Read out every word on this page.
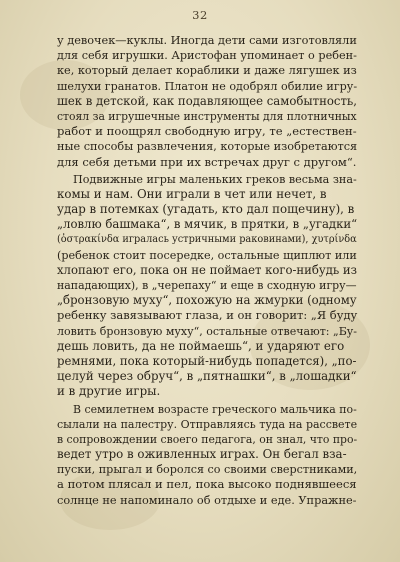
32
у девочек—куклы. Иногда дети сами изготовляли
для себя игрушки. Аристофан упоминает о ребен-
ке, который делает кораблики и даже лягушек из
шелухи гранатов. Платон не одобрял обилие игру-
шек в детской, как подавляющее самобытность,
стоял за игрушечные инструменты для плотничных
работ и поощрял свободную игру, те „естествен-
ные способы развлечения, которые изобретаются
для себя детьми при их встречах друг с другом“.
Подвижные игры маленьких греков весьма зна-
комы и нам. Они играли в чет или нечет, в
удар в потемках (угадать, кто дал пощечину), в
„ловлю башмака“, в мячик, в прятки, в „угадки“
(ὀστρακίνδα игралась устричными раковинами), χυτρίνδα
(ребенок стоит посередке, остальные щиплют или
хлопают его, пока он не поймает кого-нибудь из
нападающих), в „черепаху“ и еще в сходную игру—
„бронзовую муху“, похожую на жмурки (одному
ребенку завязывают глаза, и он говорит: „Я буду
ловить бронзовую муху“, остальные отвечают: „Бу-
дешь ловить, да не поймаешь“, и ударяют его
ремнями, пока который-нибудь попадется), „по-
целуй через обруч“, в „пятнашки“, в „лошадки“
и в другие игры.
В семилетнем возрасте греческого мальчика по-
сылали на палестру. Отправляясь туда на рассвете
в сопровождении своего педагога, он знал, что про-
ведет утро в оживленных играх. Он бегал вза-
пуски, прыгал и боролся со своими сверстниками,
а потом плясал и пел, пока высоко поднявшееся
солнце не напоминало об отдыхе и еде. Упражне-
